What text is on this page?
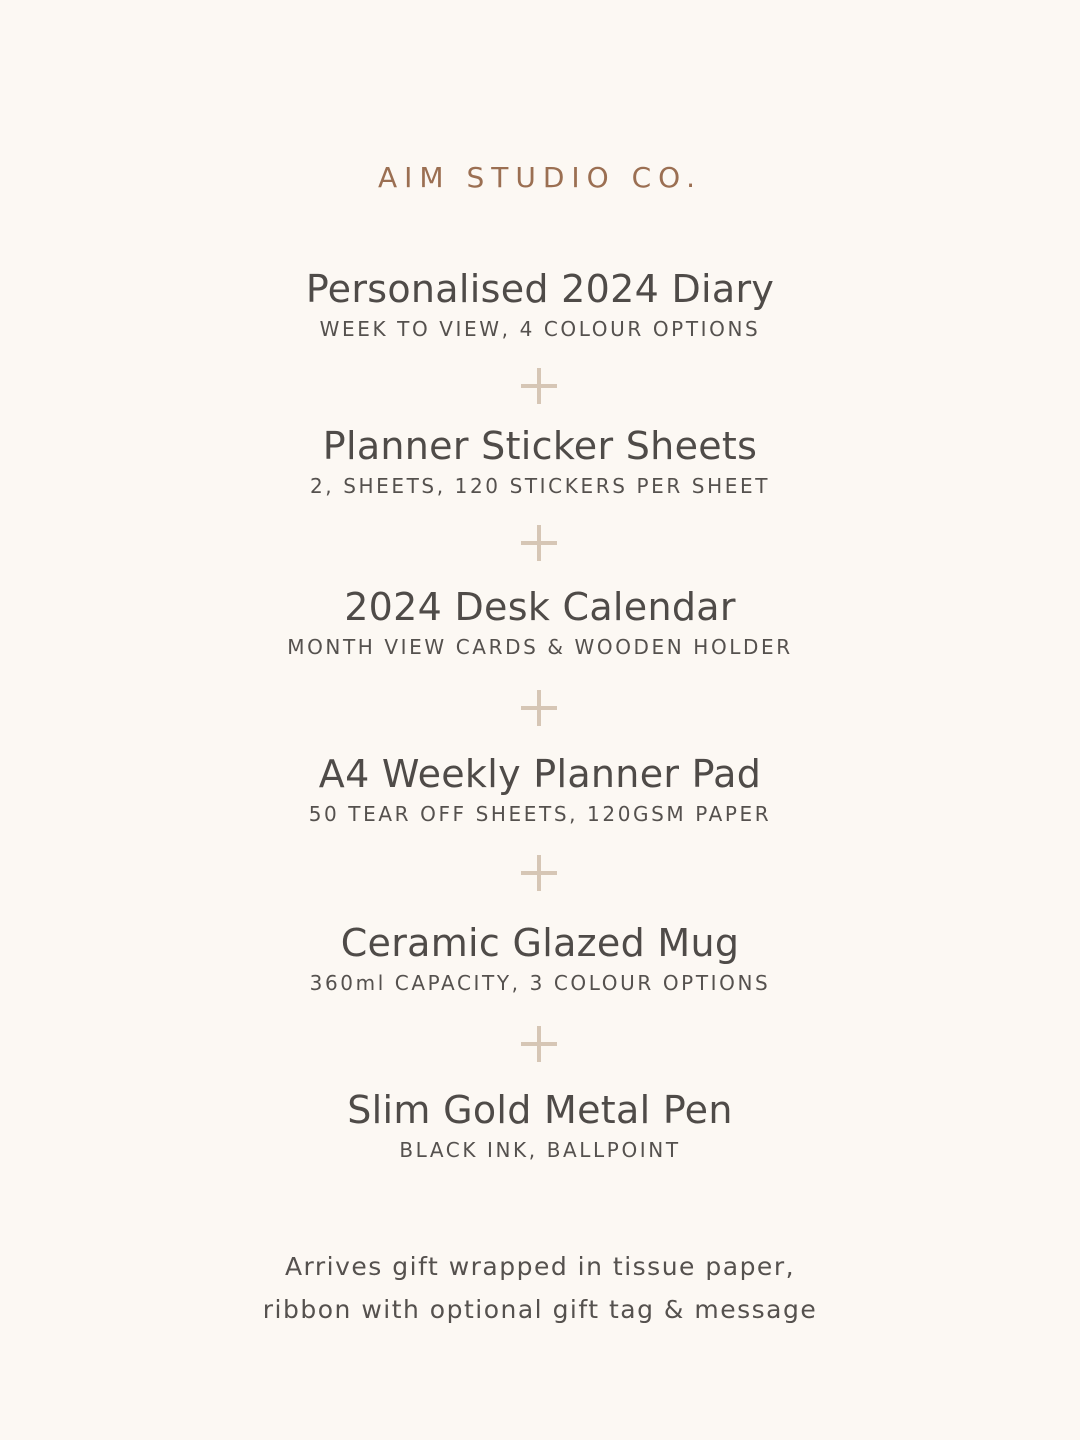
AIM STUDIO CO.
Personalised 2024 Diary
WEEK TO VIEW, 4 COLOUR OPTIONS
Planner Sticker Sheets
2, SHEETS, 120 STICKERS PER SHEET
2024 Desk Calendar
MONTH VIEW CARDS & WOODEN HOLDER
A4 Weekly Planner Pad
50 TEAR OFF SHEETS, 120GSM PAPER
Ceramic Glazed Mug
360ml CAPACITY, 3 COLOUR OPTIONS
Slim Gold Metal Pen
BLACK INK, BALLPOINT
Arrives gift wrapped in tissue paper,
ribbon with optional gift tag & message
